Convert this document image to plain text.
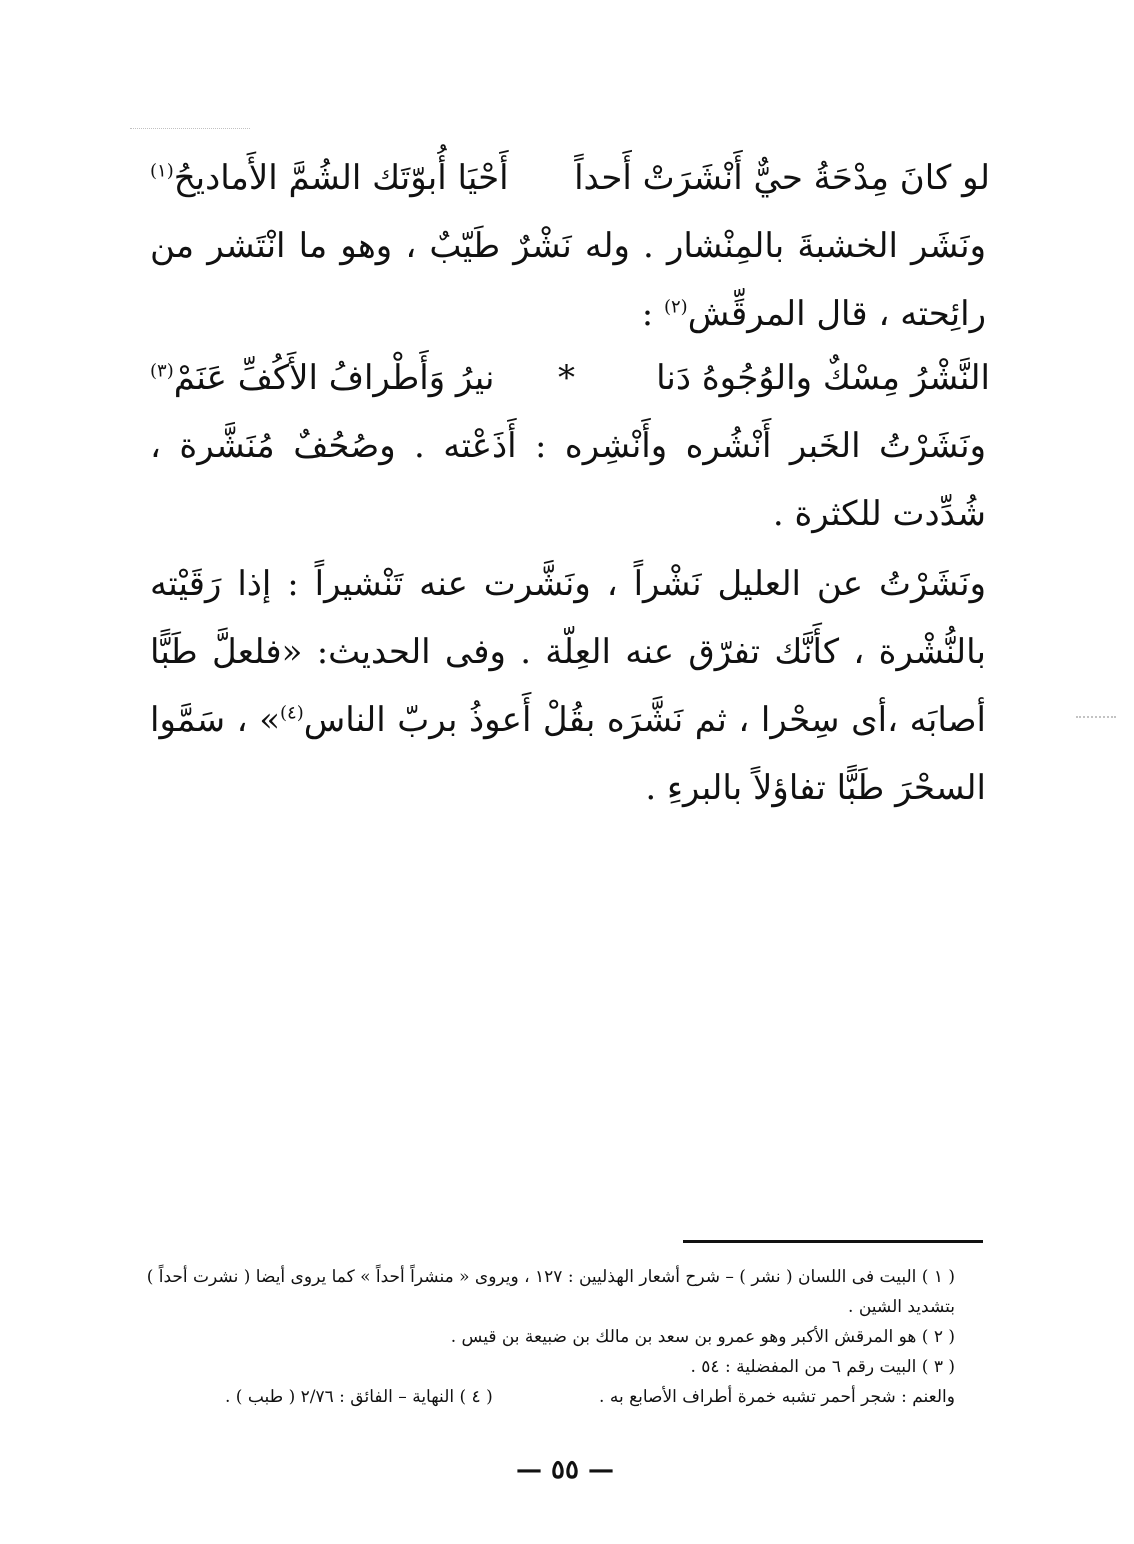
لو كانَ مِدْحَةُ حيٌّ أَنْشَرَتْ أَحداً
أَحْيَا أُبوّتَك الشُمَّ الأَماديحُ$^{(١)}$
ونَشَر الخشبةَ بالمِنْشار . وله نَشْرٌ طَيّبٌ ، وهو ما انْتَشر من رائِحته ، قال المرقِّش$^{(٢)}$ :
النَّشْرُ مِسْكٌ والوُجُوهُ دَنا
*
نيرُ وَأَطْرافُ الأَكُفِّ عَنَمْ$^{(٣)}$
ونَشَرْتُ الخَبر أَنْشُره وأَنْشِره : أَذَعْته . وصُحُفٌ مُنَشَّرة ، شُدِّدت للكثرة .
ونَشَرْتُ عن العليل نَشْراً ، ونَشَّرت عنه تَنْشيراً : إذا رَقَيْته بالنُّشْرة ، كأَنَّك تفرّق عنه العِلّة . وفى الحديث: «فلعلَّ طَبًّا أصابَه ،أى سِحْرا ، ثم نَشَّرَه بقُلْ أَعوذُ بربّ الناس$^{(٤)}$» ، سَمَّوا السحْرَ طَبًّا تفاؤلاً بالبرءِ .

( ١ ) البيت فى اللسان ( نشر ) – شرح أشعار الهذليين : ١٢٧ ، ويروى « منشراً أحداً » كما يروى أيضا ( نشرت أحداً ) بتشديد الشين .

( ٢ ) هو المرقش الأكبر وهو عمرو بن سعد بن مالك بن ضبيعة بن قيس .

( ٣ ) البيت رقم ٦ من المفضلية : ٥٤ .

والعنم : شجر أحمر تشبه خمرة أطراف الأصابع به .
( ٤ ) النهاية – الفائق : ٢/٧٦ ( طبب ) .
— ٥٥ —
